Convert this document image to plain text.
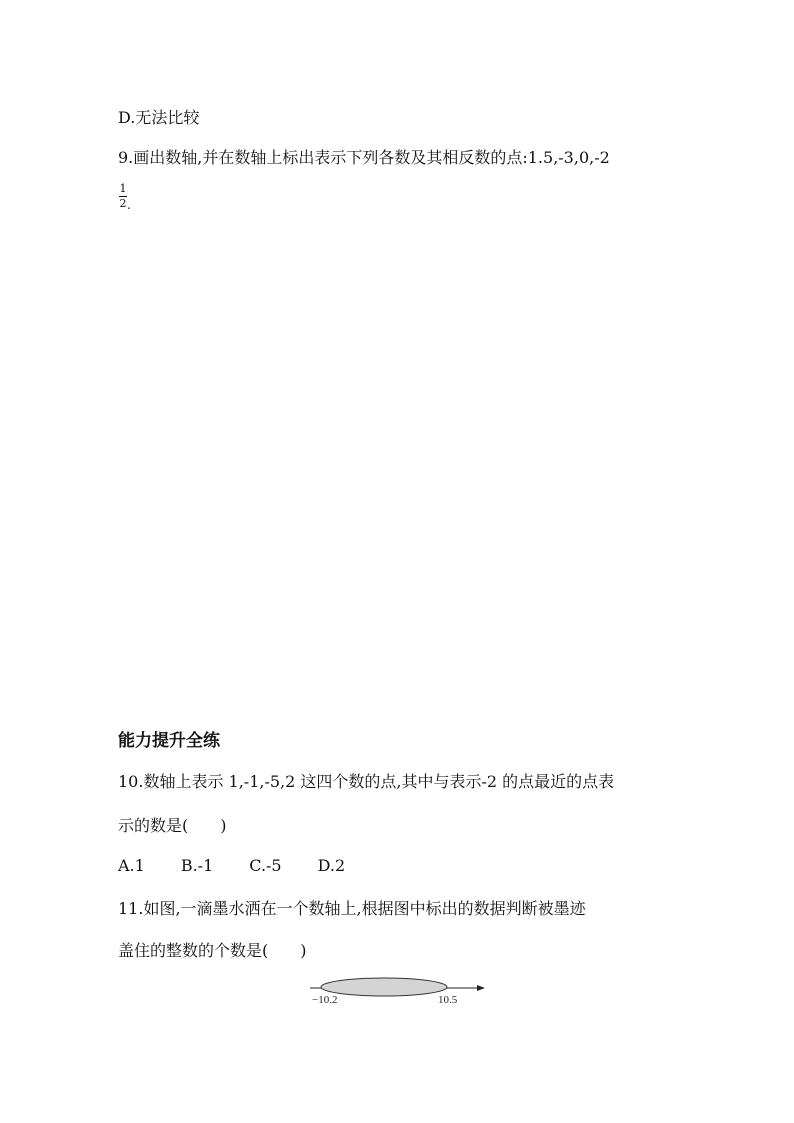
D.无法比较
9.画出数轴,并在数轴上标出表示下列各数及其相反数的点:1.5,-3,0,-2
1
2 .
能力提升全练
10.数轴上表示 1,-1,-5,2 这四个数的点,其中与表示-2 的点最近的点表
示的数是(　　)
A.1 B.-1 C.-5 D.2
11.如图,一滴墨水洒在一个数轴上,根据图中标出的数据判断被墨迹
盖住的整数的个数是(　　)
−10.2	10.5
